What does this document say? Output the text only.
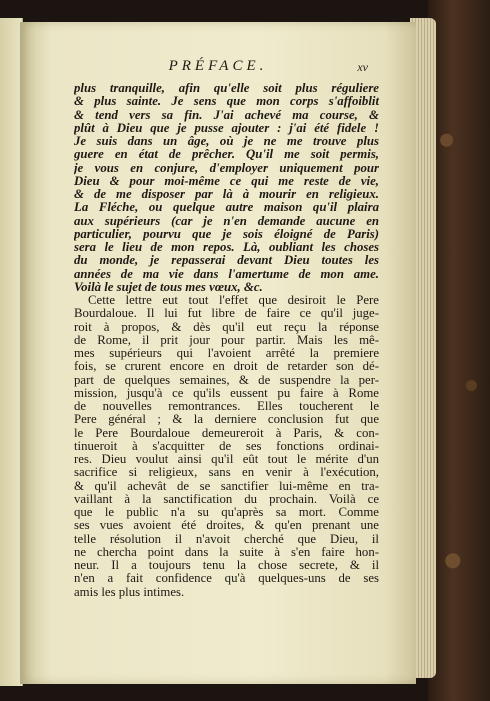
PRÉFACE.	xv
plus tranquille, afin qu'elle soit plus réguliere
& plus sainte. Je sens que mon corps s'affoiblit
& tend vers sa fin. J'ai achevé ma course, &
plût à Dieu que je pusse ajouter : j'ai été fidele !
Je suis dans un âge, où je ne me trouve plus
guere en état de prêcher. Qu'il me soit permis,
je vous en conjure, d'employer uniquement pour
Dieu & pour moi-même ce qui me reste de vie,
& de me disposer par là à mourir en religieux.
La Fléche, ou quelque autre maison qu'il plaira
aux supérieurs (car je n'en demande aucune en
particulier, pourvu que je sois éloigné de Paris)
sera le lieu de mon repos. Là, oubliant les choses
du monde, je repasserai devant Dieu toutes les
années de ma vie dans l'amertume de mon ame.
Voilà le sujet de tous mes vœux, &c.
Cette lettre eut tout l'effet que desiroit le Pere
Bourdaloue. Il lui fut libre de faire ce qu'il juge-
roit à propos, & dès qu'il eut reçu la réponse
de Rome, il prit jour pour partir. Mais les mê-
mes supérieurs qui l'avoient arrêté la premiere
fois, se crurent encore en droit de retarder son dé-
part de quelques semaines, & de suspendre la per-
mission, jusqu'à ce qu'ils eussent pu faire à Rome
de nouvelles remontrances. Elles toucherent le
Pere général ; & la derniere conclusion fut que
le Pere Bourdaloue demeureroit à Paris, & con-
tinueroit à s'acquitter de ses fonctions ordinai-
res. Dieu voulut ainsi qu'il eût tout le mérite d'un
sacrifice si religieux, sans en venir à l'exécution,
& qu'il achevât de se sanctifier lui-même en tra-
vaillant à la sanctification du prochain. Voilà ce
que le public n'a su qu'après sa mort. Comme
ses vues avoient été droites, & qu'en prenant une
telle résolution il n'avoit cherché que Dieu, il
ne chercha point dans la suite à s'en faire hon-
neur. Il a toujours tenu la chose secrete, & il
n'en a fait confidence qu'à quelques-uns de ses
amis les plus intimes.
